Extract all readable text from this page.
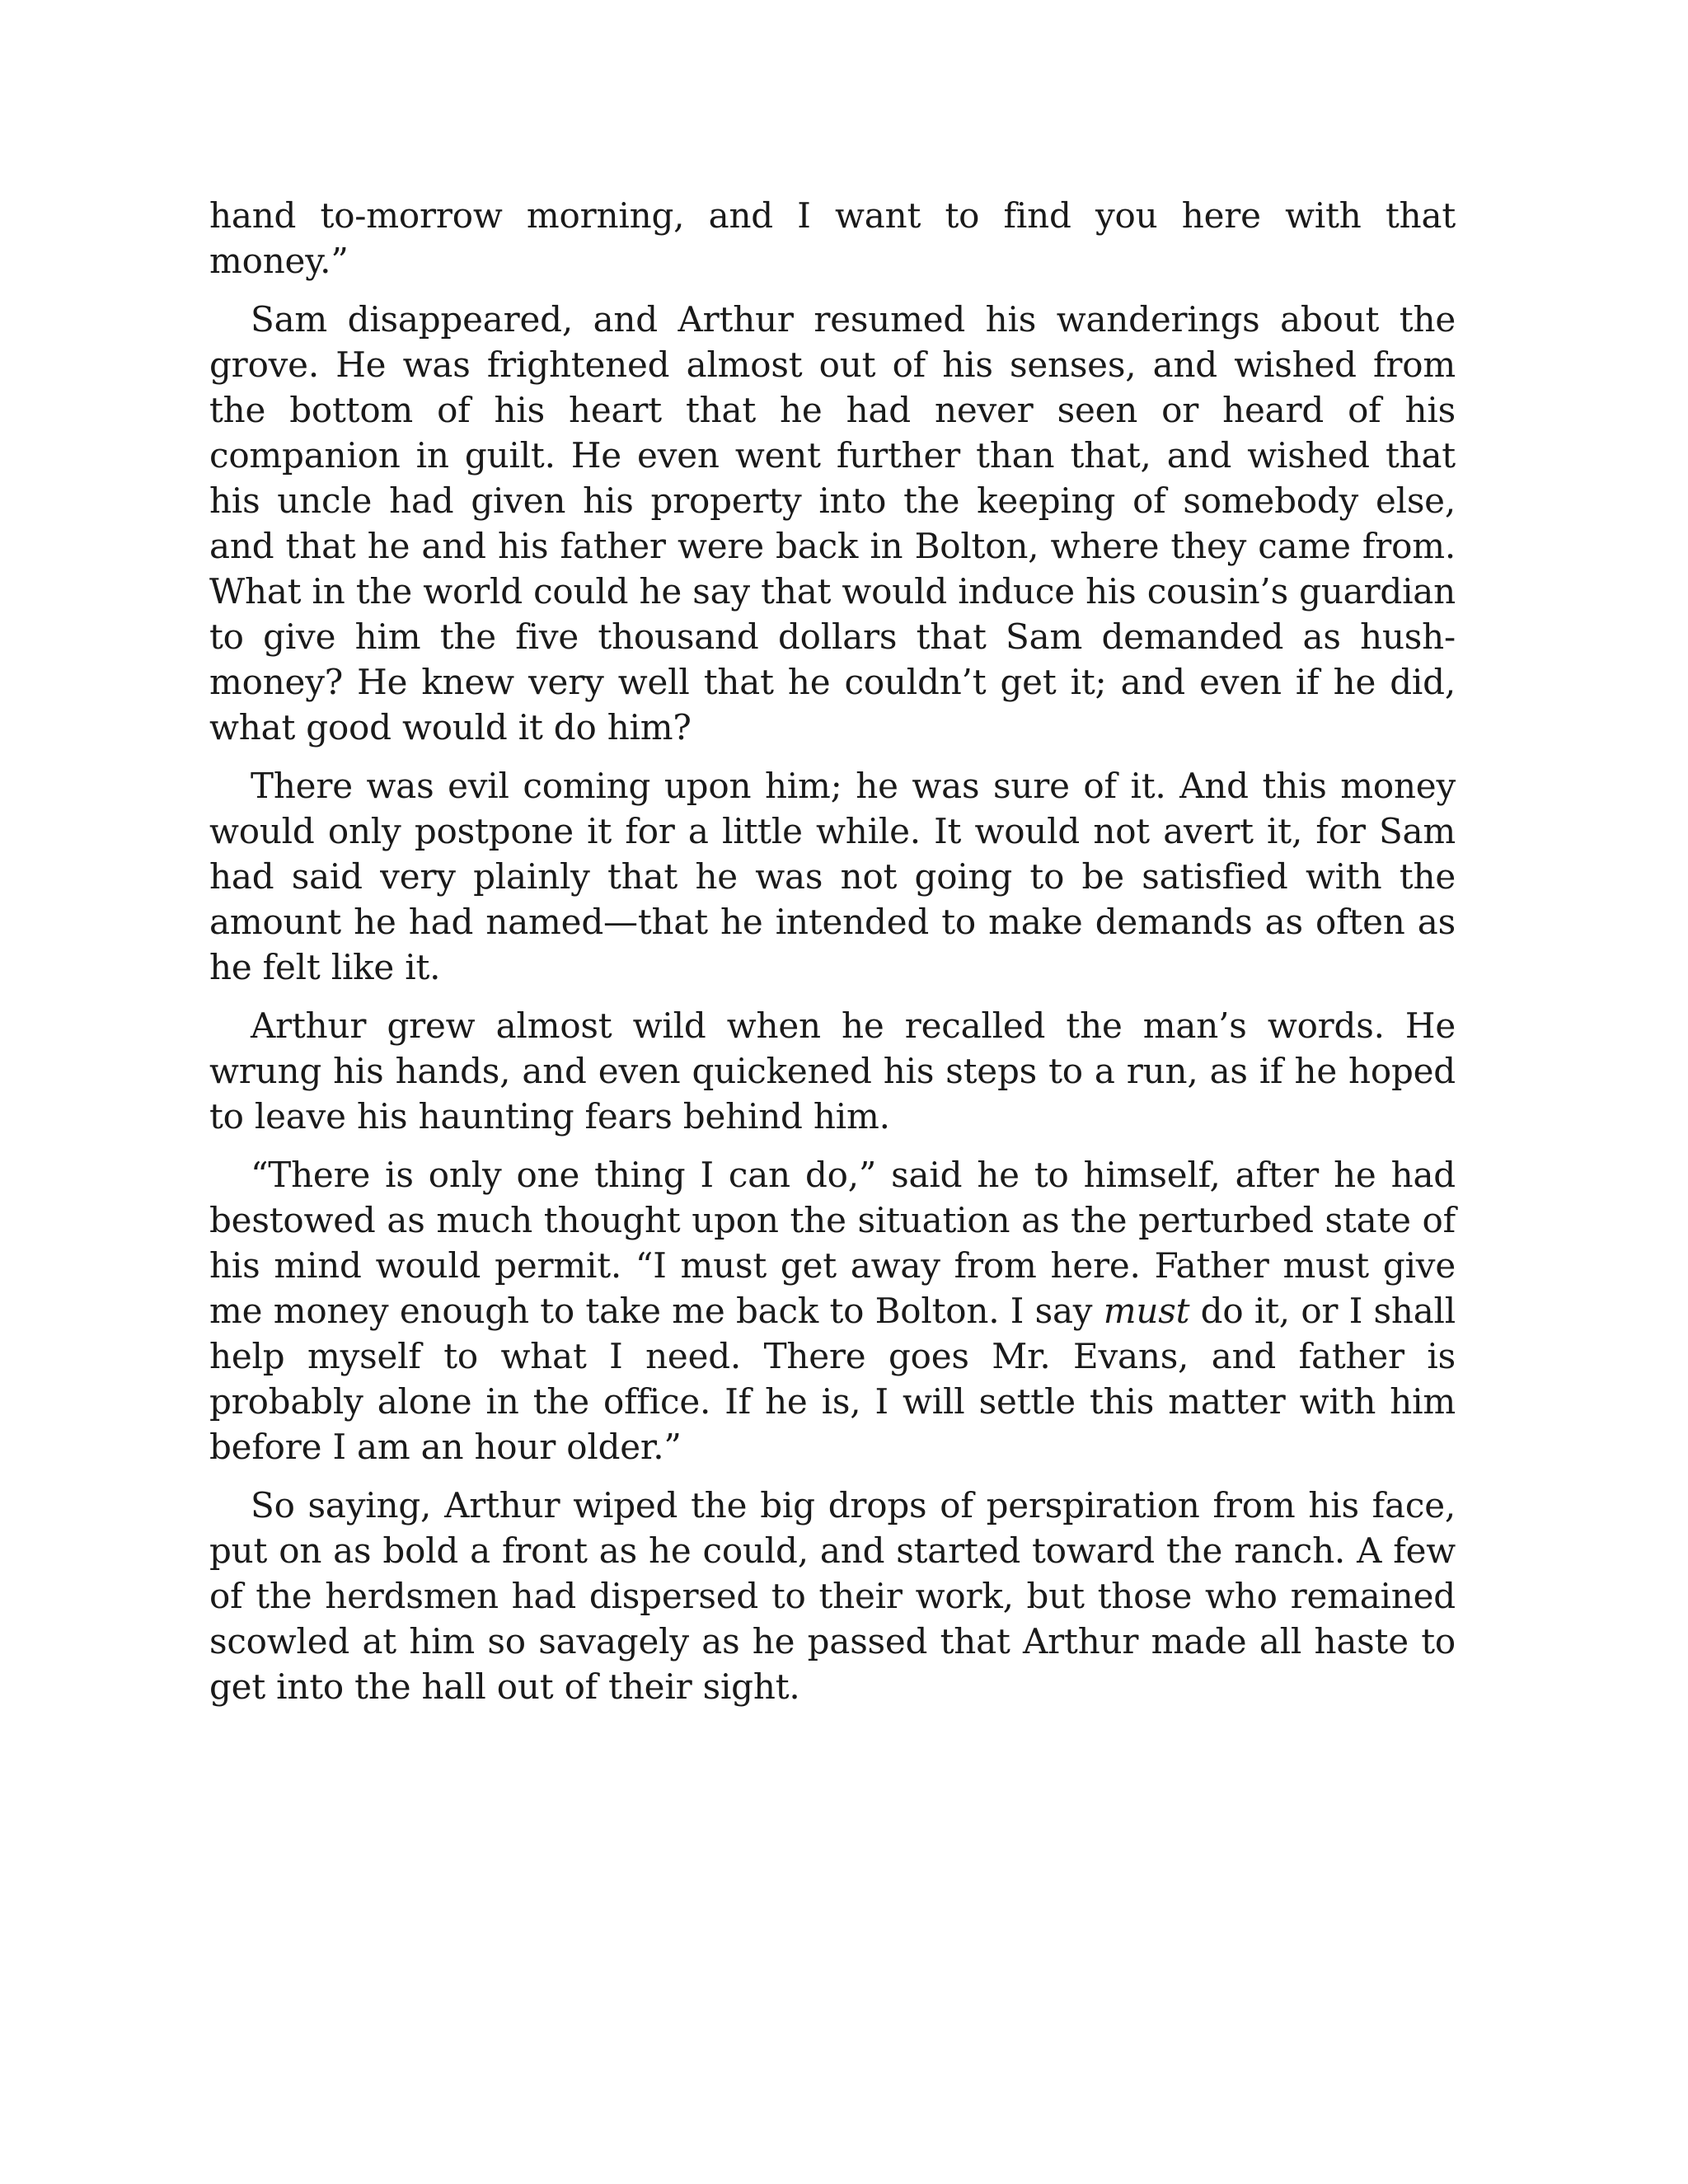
hand to-morrow morning, and I want to find you here with that money.”

Sam disappeared, and Arthur resumed his wanderings about the grove. He was frightened almost out of his senses, and wished from the bottom of his heart that he had never seen or heard of his companion in guilt. He even went further than that, and wished that his uncle had given his property into the keeping of somebody else, and that he and his father were back in Bolton, where they came from. What in the world could he say that would induce his cousin’s guardian to give him the five thousand dollars that Sam demanded as hush-money? He knew very well that he couldn’t get it; and even if he did, what good would it do him?

There was evil coming upon him; he was sure of it. And this money would only postpone it for a little while. It would not avert it, for Sam had said very plainly that he was not going to be satisfied with the amount he had named—that he intended to make demands as often as he felt like it.

Arthur grew almost wild when he recalled the man’s words. He wrung his hands, and even quickened his steps to a run, as if he hoped to leave his haunting fears behind him.

“There is only one thing I can do,” said he to himself, after he had bestowed as much thought upon the situation as the perturbed state of his mind would permit. “I must get away from here. Father must give me money enough to take me back to Bolton. I say must do it, or I shall help myself to what I need. There goes Mr. Evans, and father is probably alone in the office. If he is, I will settle this matter with him before I am an hour older.”

So saying, Arthur wiped the big drops of perspiration from his face, put on as bold a front as he could, and started toward the ranch. A few of the herdsmen had dispersed to their work, but those who remained scowled at him so savagely as he passed that Arthur made all haste to get into the hall out of their sight.
